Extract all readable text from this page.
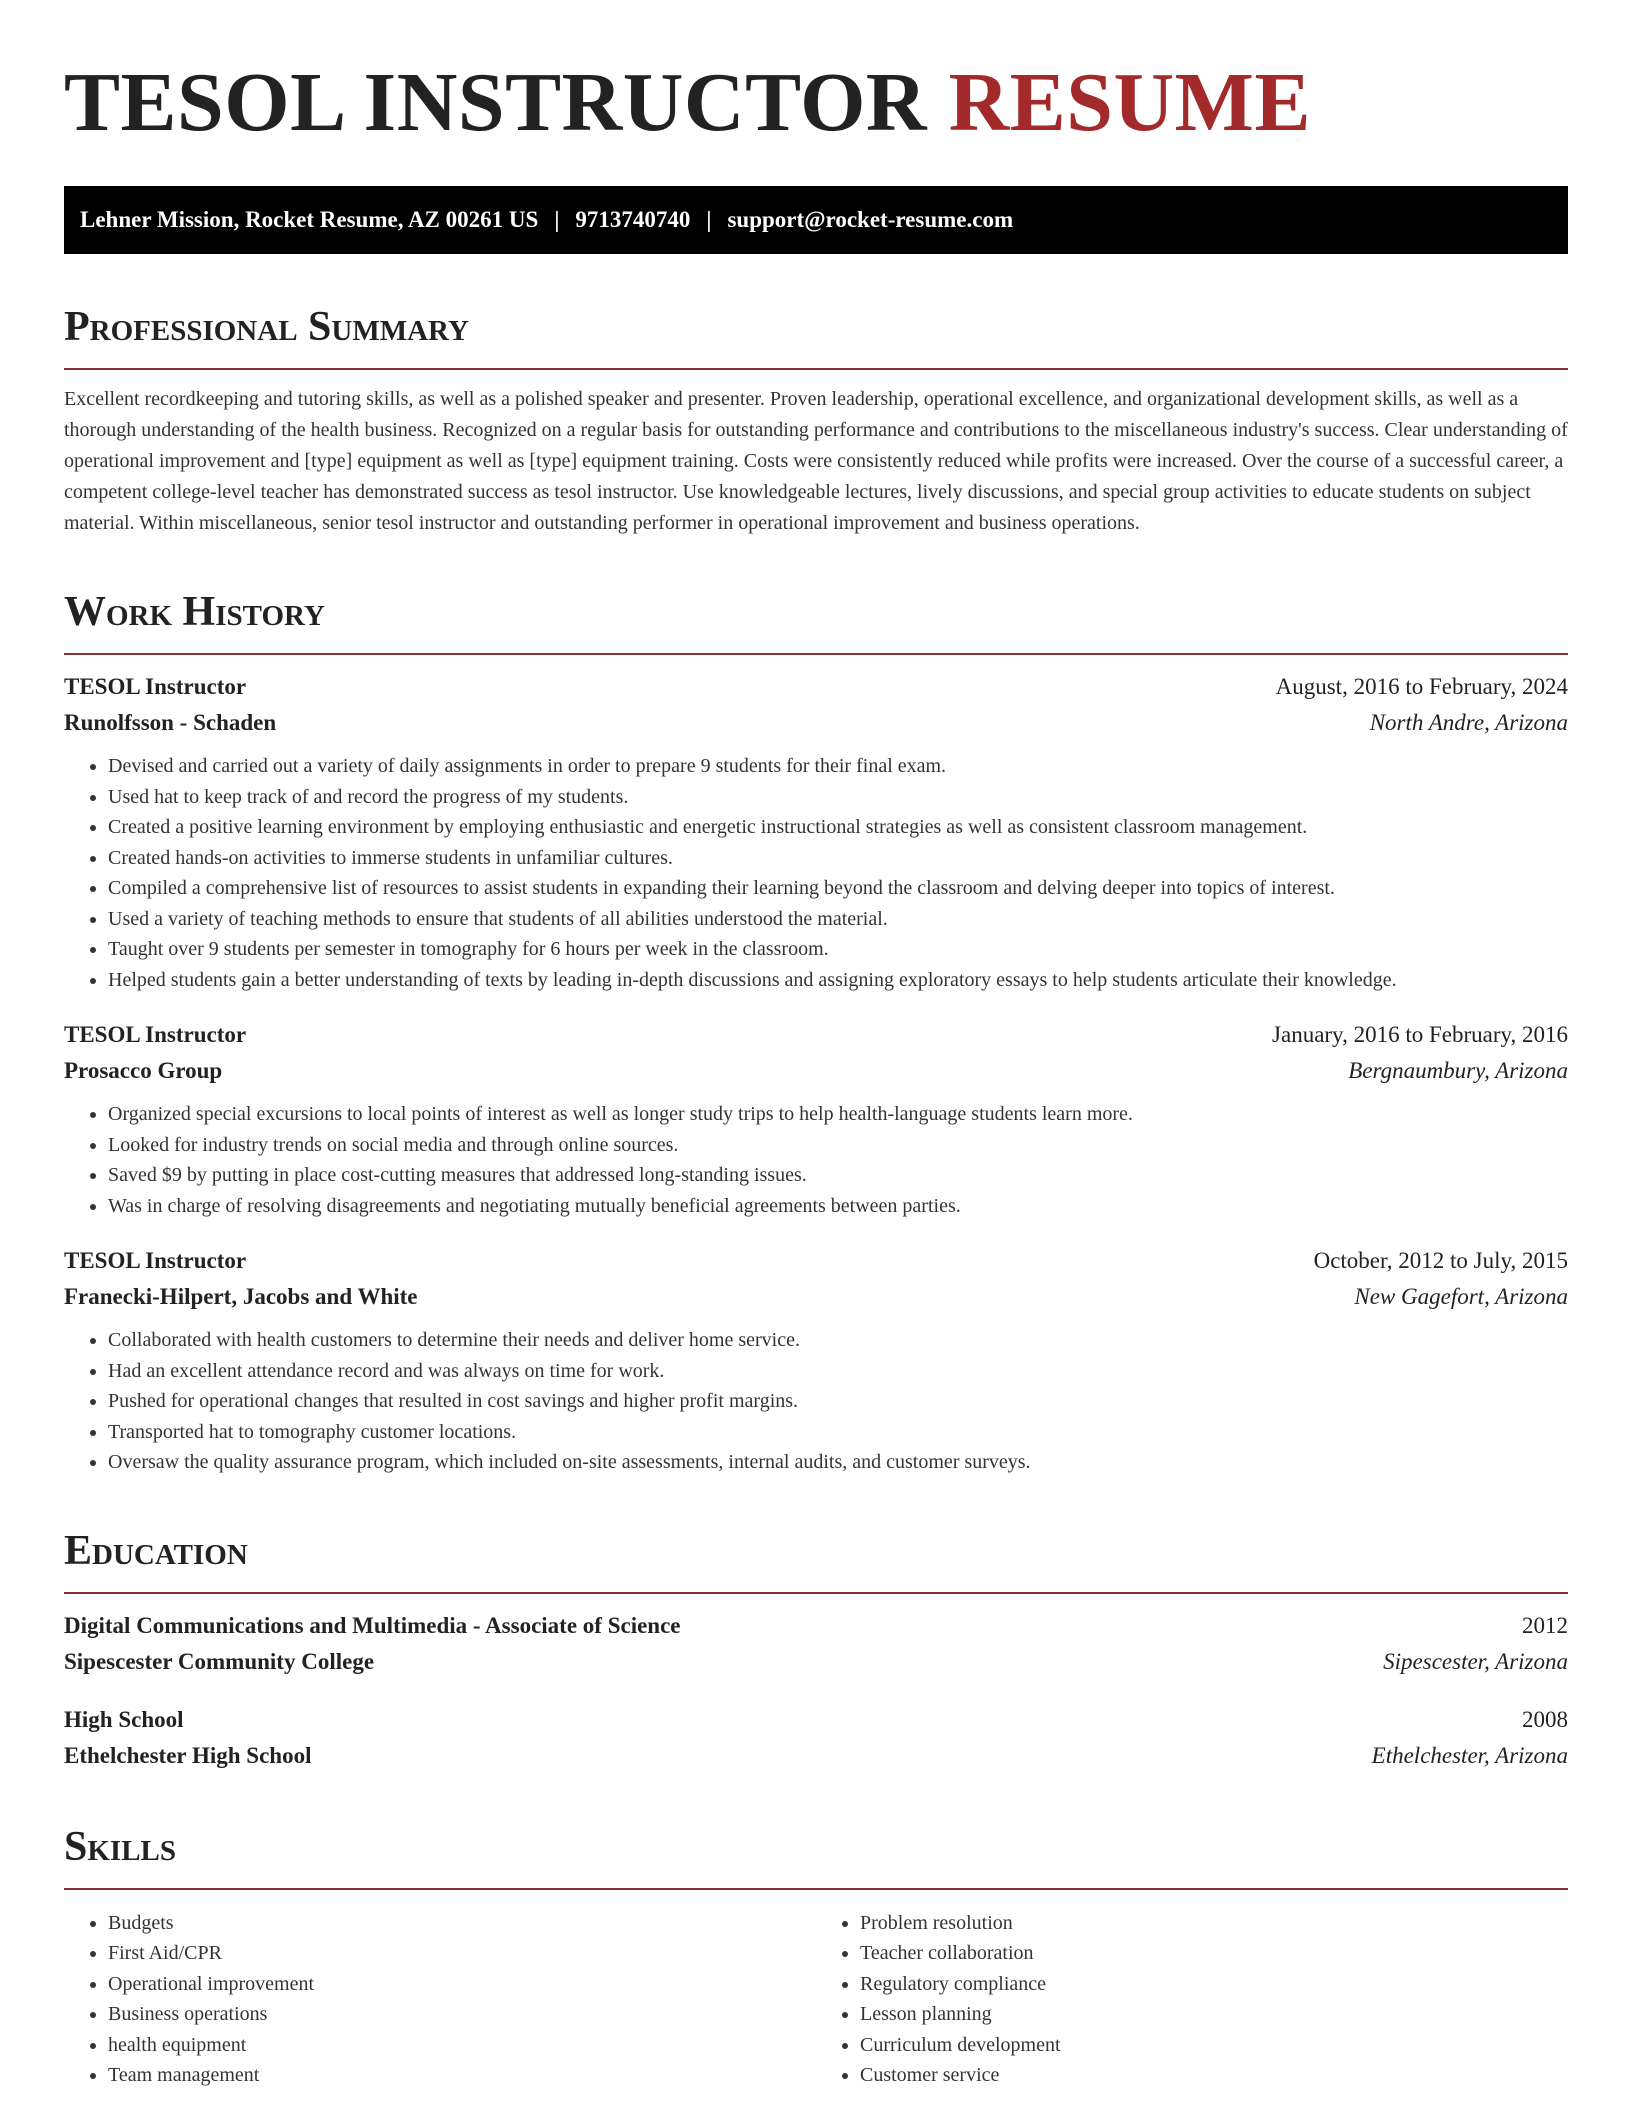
TESOL INSTRUCTOR RESUME
Lehner Mission, Rocket Resume, AZ 00261 US | 9713740740 | support@rocket-resume.com
Professional Summary

Excellent recordkeeping and tutoring skills, as well as a polished speaker and presenter. Proven leadership, operational excellence, and organizational development skills, as well as a thorough understanding of the health business. Recognized on a regular basis for outstanding performance and contributions to the miscellaneous industry's success. Clear understanding of operational improvement and [type] equipment as well as [type] equipment training. Costs were consistently reduced while profits were increased. Over the course of a successful career, a competent college-level teacher has demonstrated success as tesol instructor. Use knowledgeable lectures, lively discussions, and special group activities to educate students on subject material. Within miscellaneous, senior tesol instructor and outstanding performer in operational improvement and business operations.

Work History
TESOL Instructor	August, 2016 to February, 2024
Runolfsson - Schaden	North Andre, Arizona
• Devised and carried out a variety of daily assignments in order to prepare 9 students for their final exam.
• Used hat to keep track of and record the progress of my students.
• Created a positive learning environment by employing enthusiastic and energetic instructional strategies as well as consistent classroom management.
• Created hands-on activities to immerse students in unfamiliar cultures.
• Compiled a comprehensive list of resources to assist students in expanding their learning beyond the classroom and delving deeper into topics of interest.
• Used a variety of teaching methods to ensure that students of all abilities understood the material.
• Taught over 9 students per semester in tomography for 6 hours per week in the classroom.
• Helped students gain a better understanding of texts by leading in-depth discussions and assigning exploratory essays to help students articulate their knowledge.
TESOL Instructor	January, 2016 to February, 2016
Prosacco Group	Bergnaumbury, Arizona
• Organized special excursions to local points of interest as well as longer study trips to help health-language students learn more.
• Looked for industry trends on social media and through online sources.
• Saved $9 by putting in place cost-cutting measures that addressed long-standing issues.
• Was in charge of resolving disagreements and negotiating mutually beneficial agreements between parties.
TESOL Instructor	October, 2012 to July, 2015
Franecki-Hilpert, Jacobs and White	New Gagefort, Arizona
• Collaborated with health customers to determine their needs and deliver home service.
• Had an excellent attendance record and was always on time for work.
• Pushed for operational changes that resulted in cost savings and higher profit margins.
• Transported hat to tomography customer locations.
• Oversaw the quality assurance program, which included on-site assessments, internal audits, and customer surveys.
Education
Digital Communications and Multimedia - Associate of Science	2012
Sipescester Community College	Sipescester, Arizona
High School	2008
Ethelchester High School	Ethelchester, Arizona
Skills
• Budgets
• First Aid/CPR
• Operational improvement
• Business operations
• health equipment
• Team management
• Problem resolution
• Teacher collaboration
• Regulatory compliance
• Lesson planning
• Curriculum development
• Customer service
